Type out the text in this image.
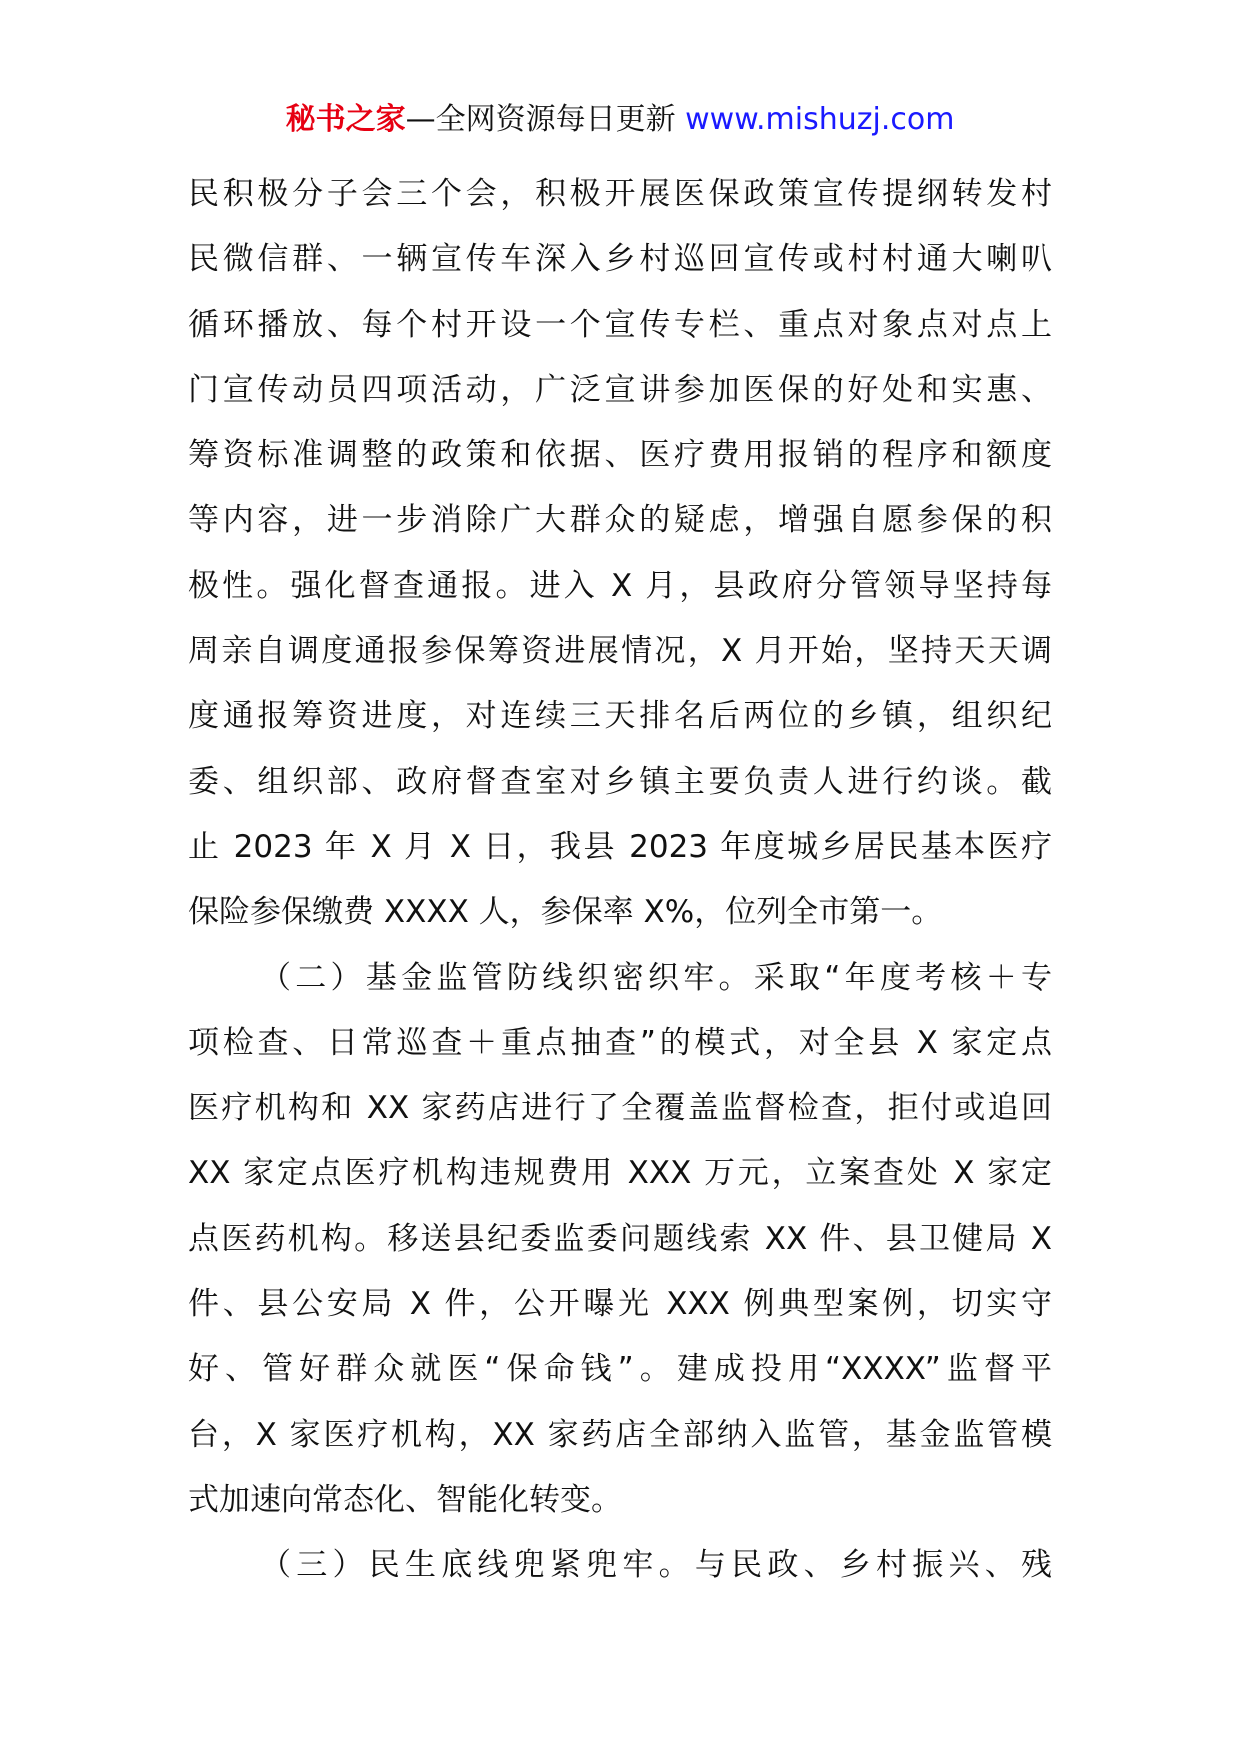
秘书之家—全网资源每日更新 www.mishuzj.com
民积极分子会三个会，积极开展医保政策宣传提纲转发村
民微信群、一辆宣传车深入乡村巡回宣传或村村通大喇叭
循环播放、每个村开设一个宣传专栏、重点对象点对点上
门宣传动员四项活动，广泛宣讲参加医保的好处和实惠、
筹资标准调整的政策和依据、医疗费用报销的程序和额度
等内容，进一步消除广大群众的疑虑，增强自愿参保的积
极性。强化督查通报。进入 X 月，县政府分管领导坚持每
周亲自调度通报参保筹资进展情况，X 月开始，坚持天天调
度通报筹资进度，对连续三天排名后两位的乡镇，组织纪
委、组织部、政府督查室对乡镇主要负责人进行约谈。截
止 2023 年 X 月 X 日，我县 2023 年度城乡居民基本医疗
保险参保缴费 XXXX 人，参保率 X%，位列全市第一。
（二）基金监管防线织密织牢。采取“年度考核＋专
项检查、日常巡查＋重点抽查”的模式，对全县 X 家定点
医疗机构和 XX 家药店进行了全覆盖监督检查，拒付或追回
XX 家定点医疗机构违规费用 XXX 万元，立案查处 X 家定
点医药机构。移送县纪委监委问题线索 XX 件、县卫健局 X
件、县公安局 X 件，公开曝光 XXX 例典型案例，切实守
好、管好群众就医“保命钱”。建成投用“XXXX”监督平
台，X 家医疗机构，XX 家药店全部纳入监管，基金监管模
式加速向常态化、智能化转变。
（三）民生底线兜紧兜牢。与民政、乡村振兴、残
